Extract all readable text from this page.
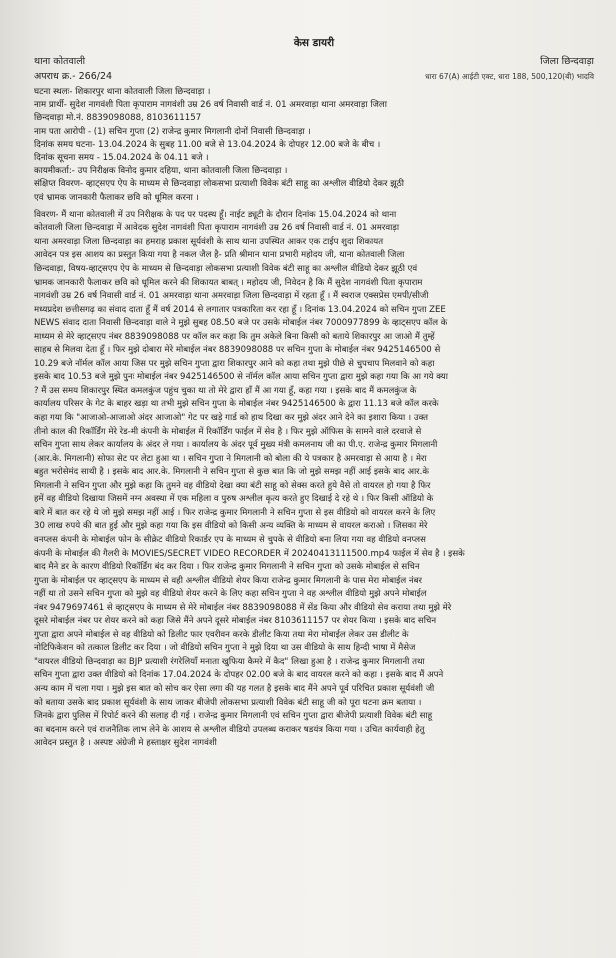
केस डायरी
थाना कोतवाली	जिला छिन्दवाड़ा
अपराध क्र.- 266/24	धारा 67(A) आईटी एक्ट, धारा 188, 500,120(बी) भादवि
घटना स्थलः- शिकारपुर थाना कोतवाली जिला छिन्दवाड़ा ।
नाम प्रार्थी- सुदेश नागवंशी पिता कृपाराम नागवंशी उम्र 26 वर्ष निवासी वार्ड नं. 01 अमरवाड़ा थाना अमरवाड़ा जिला
छिन्दवाड़ा मो.नं. 8839098088, 8103611157
नाम पता आरोपी - (1) सचिन गुप्ता (2) राजेन्द्र कुमार मिगलानी दोनों निवासी छिन्दवाड़ा ।
दिनांक समय घटना- 13.04.2024 के सुबह 11.00 बजे से 13.04.2024 के दोपहर 12.00 बजे के बीच ।
दिनांक सूचना समय - 15.04.2024 के 04.11 बजे ।
कायमीकर्ता:- उप निरीक्षक विनोद कुमार दहिया, थाना कोतवाली जिला छिन्दवाड़ा ।
संक्षिप्त विवरण- व्हाट्सएप ऐप के माध्यम से छिन्दवाड़ा लोकसभा प्रत्याशी विवेक बंटी साहू का अश्लील वीडियो देकर झूठी
एवं भ्रामक जानकारी फैलाकर छवि को धूमिल करना ।
विवरण- मैं थाना कोतवाली में उप निरीक्षक के पद पर पदस्थ हूँ। नाईट ड्यूटी के दौरान दिनांक 15.04.2024 को थाना
कोतवाली जिला छिन्दवाड़ा में आवेदक सुदेश नागवंशी पिता कृपाराम नागवंशी उम्र 26 वर्ष निवासी वार्ड नं. 01 अमरवाड़ा
थाना अमरवाड़ा जिला छिन्दवाड़ा का हमराह प्रकाश सूर्यवंशी के साथ थाना उपस्थित आकर एक टाईप शुदा शिकायत
आवेदन पत्र इस आशय का प्रस्तुत किया गया है नकल जैल है- प्रति श्रीमान थाना प्रभारी महोदय जी, थाना कोतवाली जिला
छिन्दवाड़ा, विषय-व्हाट्सएप ऐप के माध्यम से छिन्दवाड़ा लोकसभा प्रत्याशी विवेक बंटी साहू का अश्लील वीडियो देकर झूठी एवं
भ्रामक जानकारी फैलाकर छवि को धूमिल करने की शिकायत बाबत् । महोदय जी, निवेदन है कि मैं सुदेश नागवंशी पिता कृपाराम
नागवंशी उम्र 26 वर्ष निवासी वार्ड नं. 01 अमरवाड़ा थाना अमरवाड़ा जिला छिन्दवाड़ा में रहता हूँ । मैं स्वराज एक्सप्रेस एमपी/सीजी
मध्यप्रदेश छत्तीसगढ़ का संवाद दाता हूँ मैं वर्ष 2014 से लगातार पत्रकारिता कर रहा हूँ । दिनांक 13.04.2024 को सचिन गुप्ता ZEE
NEWS संवाद दाता निवासी छिन्दवाड़ा वाले ने मुझे सुबह 08.50 बजे पर उसके मोबाईल नंबर 7000977899 के व्हाट्सएप कॉल के
माध्यम से मेरे व्हाट्सएप नंबर 8839098088 पर कॉल कर कहा कि तुम अकेले बिना किसी को बताये शिकारपुर आ जाओ मैं तुम्हें
साहब से मिलवा देता हूँ । फिर मुझे दोबारा मेरे मोबाईल नंबर 8839098088 पर सचिन गुप्ता के मोबाईल नंबर 9425146500 से
10.29 बजे नॉर्मल कॉल आया जिस पर मुझे सचिन गुप्ता द्वारा शिकारपुर आने को कहा तथा मुझे पीछे से चुपचाप मिलवाने को कहा
इसके बाद 10.53 बजे मुझे पुनः मोबाईल नंबर 9425146500 से नॉर्मल कॉल आया सचिन गुप्ता द्वारा मुझे कहा गया कि आ गये क्या
? मैं उस समय शिकारपुर स्थित कमलकुंज पहुंच चुका था तो मेरे द्वारा हाँ मैं आ गया हूँ, कहा गया । इसके बाद मैं कमलकुंज के
कार्यालय परिसर के गेट के बाहर खड़ा था तभी मुझे सचिन गुप्ता के मोबाईल नंबर 9425146500 के द्वारा 11.13 बजे कॉल करके
कहा गया कि "आजाओ-आजाओ अंदर आजाओ" गेट पर खड़े गार्ड को हाथ दिखा कर मुझे अंदर आने देने का इशारा किया । उक्त
तीनो काल की रिकॉर्डिंग मेरे रेड-मी कंपनी के मोबाईल में रिकॉर्डिंग फाईल में सेव है । फिर मुझे ऑफिस के सामने वाले दरवाजे से
सचिन गुप्ता साथ लेकर कार्यालय के अंदर ले गया । कार्यालय के अंदर पूर्व मुख्य मंत्री कमलनाथ जी का पी.ए. राजेन्द्र कुमार मिगलानी
(आर.के. मिगलानी) सोफा सेट पर लेटा हुआ था । सचिन गुप्ता ने मिगलानी को बोला की ये पत्रकार है अमरवाड़ा से आया है । मेरा
बहुत भरोसेमंद साथी है । इसके बाद आर.के. मिगलानी ने सचिन गुप्ता से कुछ बात कि जो मुझे समझ नहीं आई इसके बाद आर.के
मिगलानी ने सचिन गुप्ता और मुझे कहा कि तुमने वह वीडियो देखा क्या बंटी साहू को सेक्स करते हुये वैसे तो वायरल हो गया है फिर
हमें वह वीडियो दिखाया जिसमें नग्न अवस्था में एक महिला व पुरुष अश्लील कृत्य करते हुए दिखाई दे रहे थे । फिर किसी ऑडियो के
बारे में बात कर रहे थे जो मुझे समझ नहीं आई । फिर राजेन्द्र कुमार मिगलानी ने सचिन गुप्ता से इस वीडियो को वायरल करने के लिए
30 लाख रुपये की बात हुई और मुझे कहा गया कि इस वीडियो को किसी अन्य व्यक्ति के माध्यम से वायरल कराओ । जिसका मेरे
वनप्लस कंपनी के मोबाईल फोन के सीक्रेट वीडियो रिकार्डर एप के माध्यम से चुपके से वीडियो बना लिया गया वह वीडियो वनप्लस
कंपनी के मोबाईल की गैलरी के MOVIES/SECRET VIDEO RECORDER में 20240413111500.mp4 फाईल में सेव है । इसके
बाद मैने डर के कारण वीडियो रिकॉर्डिंग बंद कर दिया । फिर राजेन्द्र कुमार मिगलानी ने सचिन गुप्ता को उसके मोबाईल से सचिन
गुप्ता के मोबाईल पर व्हाट्सएप के माध्यम से वही अश्लील वीडियो शेयर किया राजेन्द्र कुमार मिगलानी के पास मेरा मोबाईल नंबर
नहीं था तो उसने सचिन गुप्ता को मुझे वह वीडियो शेयर करने के लिए कहा सचिन गुप्ता ने वह अश्लील वीडियो मुझे अपने मोबाईल
नंबर 9479697461 से व्हाट्सएप के माध्यम से मेरे मोबाईल नंबर 8839098088 में सेंड किया और वीडियो सेव कराया तथा मुझे मेरे
दूसरे मोबाईल नंबर पर शेयर करने को कहा जिसे मैंने अपने दूसरे मोबाईल नंबर 8103611157 पर शेयर किया । इसके बाद सचिन
गुप्ता द्वारा अपने मोबाईल से वह वीडियो को डिलीट फार एवरीवन करके डीलीट किया तथा मेरा मोबाईल लेकर उस डीलीट के
नोटिफिकेशन को तत्काल डिलीट कर दिया । जो वीडियो सचिन गुप्ता ने मुझे दिया था उस वीडियो के साथ हिन्दी भाषा में मैसेज
"वायरल वीडियो छिन्दवाड़ा का BJP प्रत्याशी रंगरेलियाँ मनाता खुफिया कैमरे में कैद" लिखा हुआ है । राजेन्द्र कुमार मिगलानी तथा
सचिन गुप्ता द्वारा उक्त वीडियो को दिनांक 17.04.2024 के दोपहर 02.00 बजे के बाद वायरल करने को कहा । इसके बाद मैं अपने
अन्य काम में चला गया । मुझे इस बात को सोच कर ऐसा लगा की यह गलत है इसके बाद मैंने अपने पूर्व परिचित प्रकाश सूर्यवंशी जी
को बताया उसके बाद प्रकाश सूर्यवंशी के साथ जाकर बीजेपी लोकसभा प्रत्याशी विवेक बंटी साहू जी को पूरा घटना क्रम बताया ।
जिनके द्वारा पुलिस में रिपोर्ट करने की सलाह दी गई । राजेन्द्र कुमार मिगलानी एवं सचिन गुप्ता द्वारा बीजेपी प्रत्याशी विवेक बंटी साहू
का बदनाम करने एवं राजनैतिक लाभ लेने के आशय से अश्लील वीडियो उपलब्ध कराकर षडयंत्र किया गया । उचित कार्यवाही हेतु
आवेदन प्रस्तुत है । अस्पष्ट अंग्रेजी मे हस्ताक्षर सुदेश नागवंशी
